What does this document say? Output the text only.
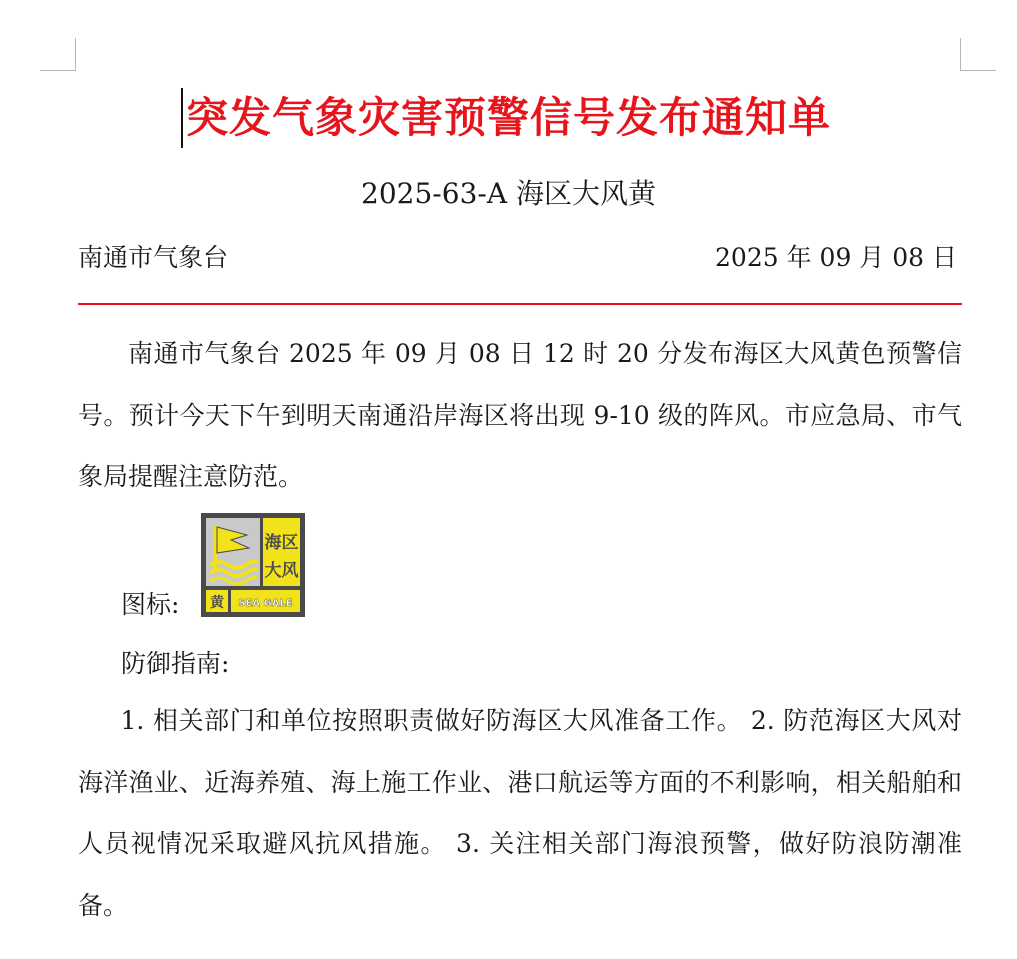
突发气象灾害预警信号发布通知单
2025-63-A 海区大风黄
南通市气象台	2025 年 09 月 08 日

南通市气象台 2025 年 09 月 08 日 12 时 20 分发布海区大风黄色预警信号。预计今天下午到明天南通沿岸海区将出现 9-10 级的阵风。市应急局、市气象局提醒注意防范。

图标:
海区
大风
黄 SEA GALE
防御指南:

1. 相关部门和单位按照职责做好防海区大风准备工作。 2. 防范海区大风对海洋渔业、近海养殖、海上施工作业、港口航运等方面的不利影响，相关船舶和人员视情况采取避风抗风措施。 3. 关注相关部门海浪预警，做好防浪防潮准备。
